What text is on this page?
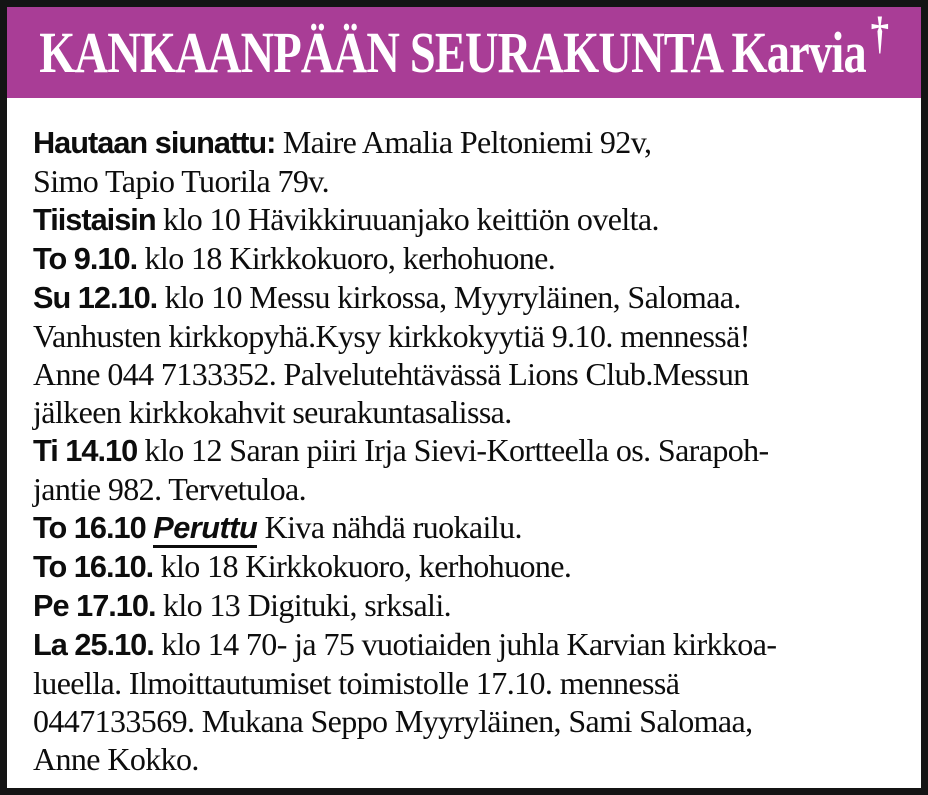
KANKAANPÄÄN SEURAKUNTA Karvia †
Hautaan siunattu: Maire Amalia Peltoniemi 92v,
Simo Tapio Tuorila 79v.
Tiistaisin klo 10 Hävikkiruuanjako keittiön ovelta.
To 9.10. klo 18 Kirkkokuoro, kerhohuone.
Su 12.10. klo 10 Messu kirkossa, Myyryläinen, Salomaa.
Vanhusten kirkkopyhä.Kysy kirkkokyytiä 9.10. mennessä!
Anne 044 7133352. Palvelutehtävässä Lions Club.Messun
jälkeen kirkkokahvit seurakuntasalissa.
Ti 14.10 klo 12 Saran piiri Irja Sievi-Kortteella os. Sarapoh-
jantie 982. Tervetuloa.
To 16.10 Peruttu Kiva nähdä ruokailu.
To 16.10. klo 18 Kirkkokuoro, kerhohuone.
Pe 17.10. klo 13 Digituki, srksali.
La 25.10. klo 14 70- ja 75 vuotiaiden juhla Karvian kirkkoa-
lueella. Ilmoittautumiset toimistolle 17.10. mennessä
0447133569. Mukana Seppo Myyryläinen, Sami Salomaa,
Anne Kokko.
